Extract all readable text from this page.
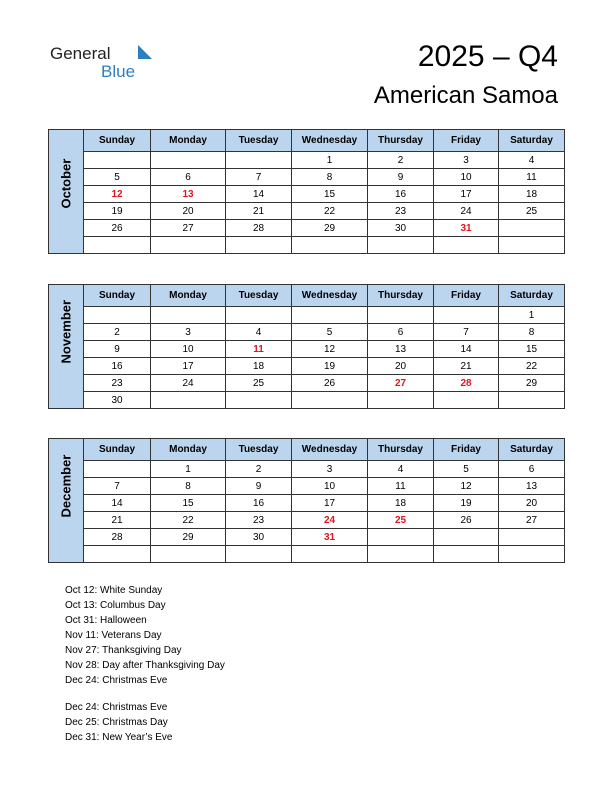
General
Blue	2025 – Q4
American Samoa
October	Sunday	Monday	Tuesday	Wednesday	Thursday	Friday	Saturday
				1	2	3	4
	5	6	7	8	9	10	11
	12	13	14	15	16	17	18
	19	20	21	22	23	24	25
	26	27	28	29	30	31	

November	Sunday	Monday	Tuesday	Wednesday	Thursday	Friday	Saturday
							1
	2	3	4	5	6	7	8
	9	10	11	12	13	14	15
	16	17	18	19	20	21	22
	23	24	25	26	27	28	29
	30						
December	Sunday	Monday	Tuesday	Wednesday	Thursday	Friday	Saturday
		1	2	3	4	5	6
	7	8	9	10	11	12	13
	14	15	16	17	18	19	20
	21	22	23	24	25	26	27
	28	29	30	31			

Oct 12: White Sunday
Oct 13: Columbus Day
Oct 31: Halloween
Nov 11: Veterans Day
Nov 27: Thanksgiving Day
Nov 28: Day after Thanksgiving Day
Dec 24: Christmas Eve
Dec 24: Christmas Eve
Dec 25: Christmas Day
Dec 31: New Year’s Eve
